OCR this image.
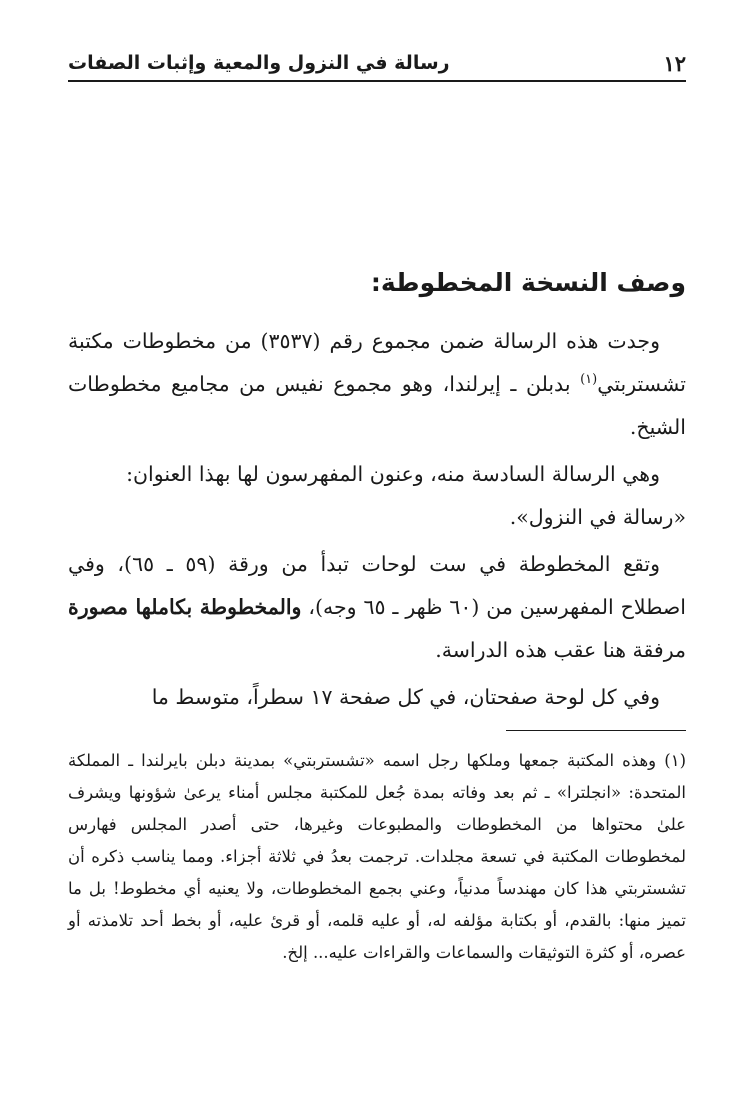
١٢
رسالة في النزول والمعية وإثبات الصفات
وصف النسخة المخطوطة:

وجدت هذه الرسالة ضمن مجموع رقم (٣٥٣٧) من مخطوطات مكتبة تشستربتي$^{(١)}$ بدبلن ـ إيرلندا، وهو مجموع نفيس من مجاميع مخطوطات الشيخ.

وهي الرسالة السادسة منه، وعنون المفهرسون لها بهذا العنوان:

«رسالة في النزول».

وتقع المخطوطة في ست لوحات تبدأ من ورقة (٥٩ ـ ٦٥)، وفي اصطلاح المفهرسين من (٦٠ ظهر ـ ٦٥ وجه)، والمخطوطة بكاملها مصورة مرفقة هنا عقب هذه الدراسة.

وفي كل لوحة صفحتان، في كل صفحة ١٧ سطراً، متوسط ما

(١) وهذه المكتبة جمعها وملكها رجل اسمه «تشستربتي» بمدينة دبلن بايرلندا ـ المملكة المتحدة: «انجلترا» ـ ثم بعد وفاته بمدة جُعل للمكتبة مجلس أمناء يرعىٰ شؤونها ويشرف علىٰ محتواها من المخطوطات والمطبوعات وغيرها، حتى أصدر المجلس فهارس لمخطوطات المكتبة في تسعة مجلدات. ترجمت بعدُ في ثلاثة أجزاء. ومما يناسب ذكره أن تشستربتي هذا كان مهندساً مدنياً، وعني بجمع المخطوطات، ولا يعنيه أي مخطوط! بل ما تميز منها: بالقدم، أو بكتابة مؤلفه له، أو عليه قلمه، أو قرئ عليه، أو بخط أحد تلامذته أو عصره، أو كثرة التوثيقات والسماعات والقراءات عليه... إلخ.
